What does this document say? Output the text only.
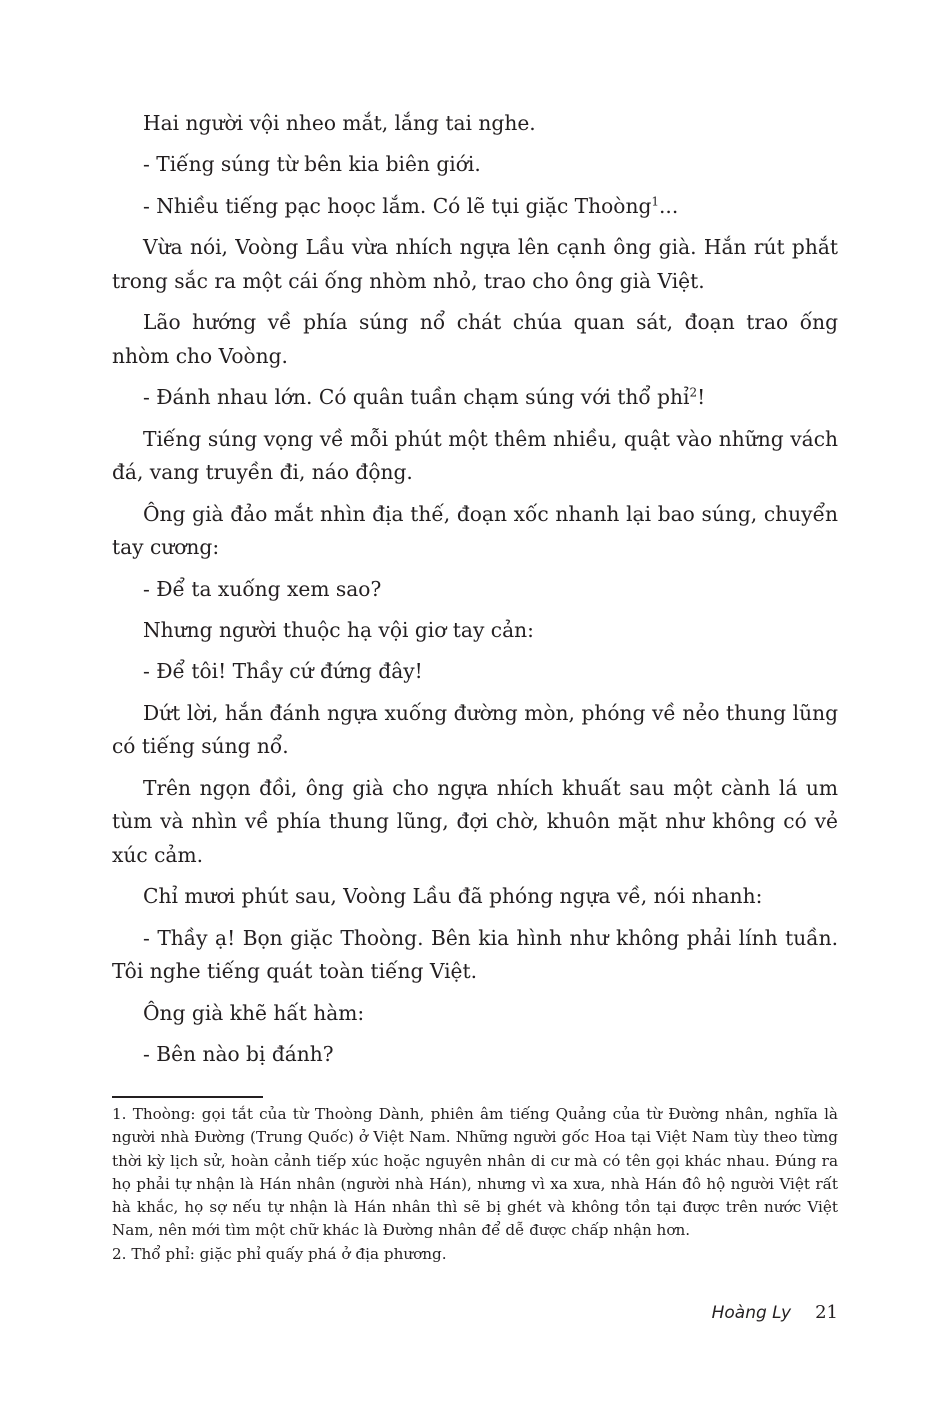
Hai người vội nheo mắt, lắng tai nghe.

- Tiếng súng từ bên kia biên giới.

- Nhiều tiếng pạc hoọc lắm. Có lẽ tụi giặc Thoòng$^1$...

Vừa nói, Voòng Lầu vừa nhích ngựa lên cạnh ông già. Hắn rút phắt trong sắc ra một cái ống nhòm nhỏ, trao cho ông già Việt.

Lão hướng về phía súng nổ chát chúa quan sát, đoạn trao ống nhòm cho Voòng.

- Đánh nhau lớn. Có quân tuần chạm súng với thổ phỉ$^2$!

Tiếng súng vọng về mỗi phút một thêm nhiều, quật vào những vách đá, vang truyền đi, náo động.

Ông già đảo mắt nhìn địa thế, đoạn xốc nhanh lại bao súng, chuyển tay cương:

- Để ta xuống xem sao?

Nhưng người thuộc hạ vội giơ tay cản:

- Để tôi! Thầy cứ đứng đây!

Dứt lời, hắn đánh ngựa xuống đường mòn, phóng về nẻo thung lũng có tiếng súng nổ.

Trên ngọn đồi, ông già cho ngựa nhích khuất sau một cành lá um tùm và nhìn về phía thung lũng, đợi chờ, khuôn mặt như không có vẻ xúc cảm.

Chỉ mươi phút sau, Voòng Lầu đã phóng ngựa về, nói nhanh:

- Thầy ạ! Bọn giặc Thoòng. Bên kia hình như không phải lính tuần. Tôi nghe tiếng quát toàn tiếng Việt.

Ông già khẽ hất hàm:

- Bên nào bị đánh?

1. Thoòng: gọi tắt của từ Thoòng Dành, phiên âm tiếng Quảng của từ Đường nhân, nghĩa là người nhà Đường (Trung Quốc) ở Việt Nam. Những người gốc Hoa tại Việt Nam tùy theo từng thời kỳ lịch sử, hoàn cảnh tiếp xúc hoặc nguyên nhân di cư mà có tên gọi khác nhau. Đúng ra họ phải tự nhận là Hán nhân (người nhà Hán), nhưng vì xa xưa, nhà Hán đô hộ người Việt rất hà khắc, họ sợ nếu tự nhận là Hán nhân thì sẽ bị ghét và không tồn tại được trên nước Việt Nam, nên mới tìm một chữ khác là Đường nhân để dễ được chấp nhận hơn.

2. Thổ phỉ: giặc phỉ quấy phá ở địa phương.

Hoàng Ly 21
